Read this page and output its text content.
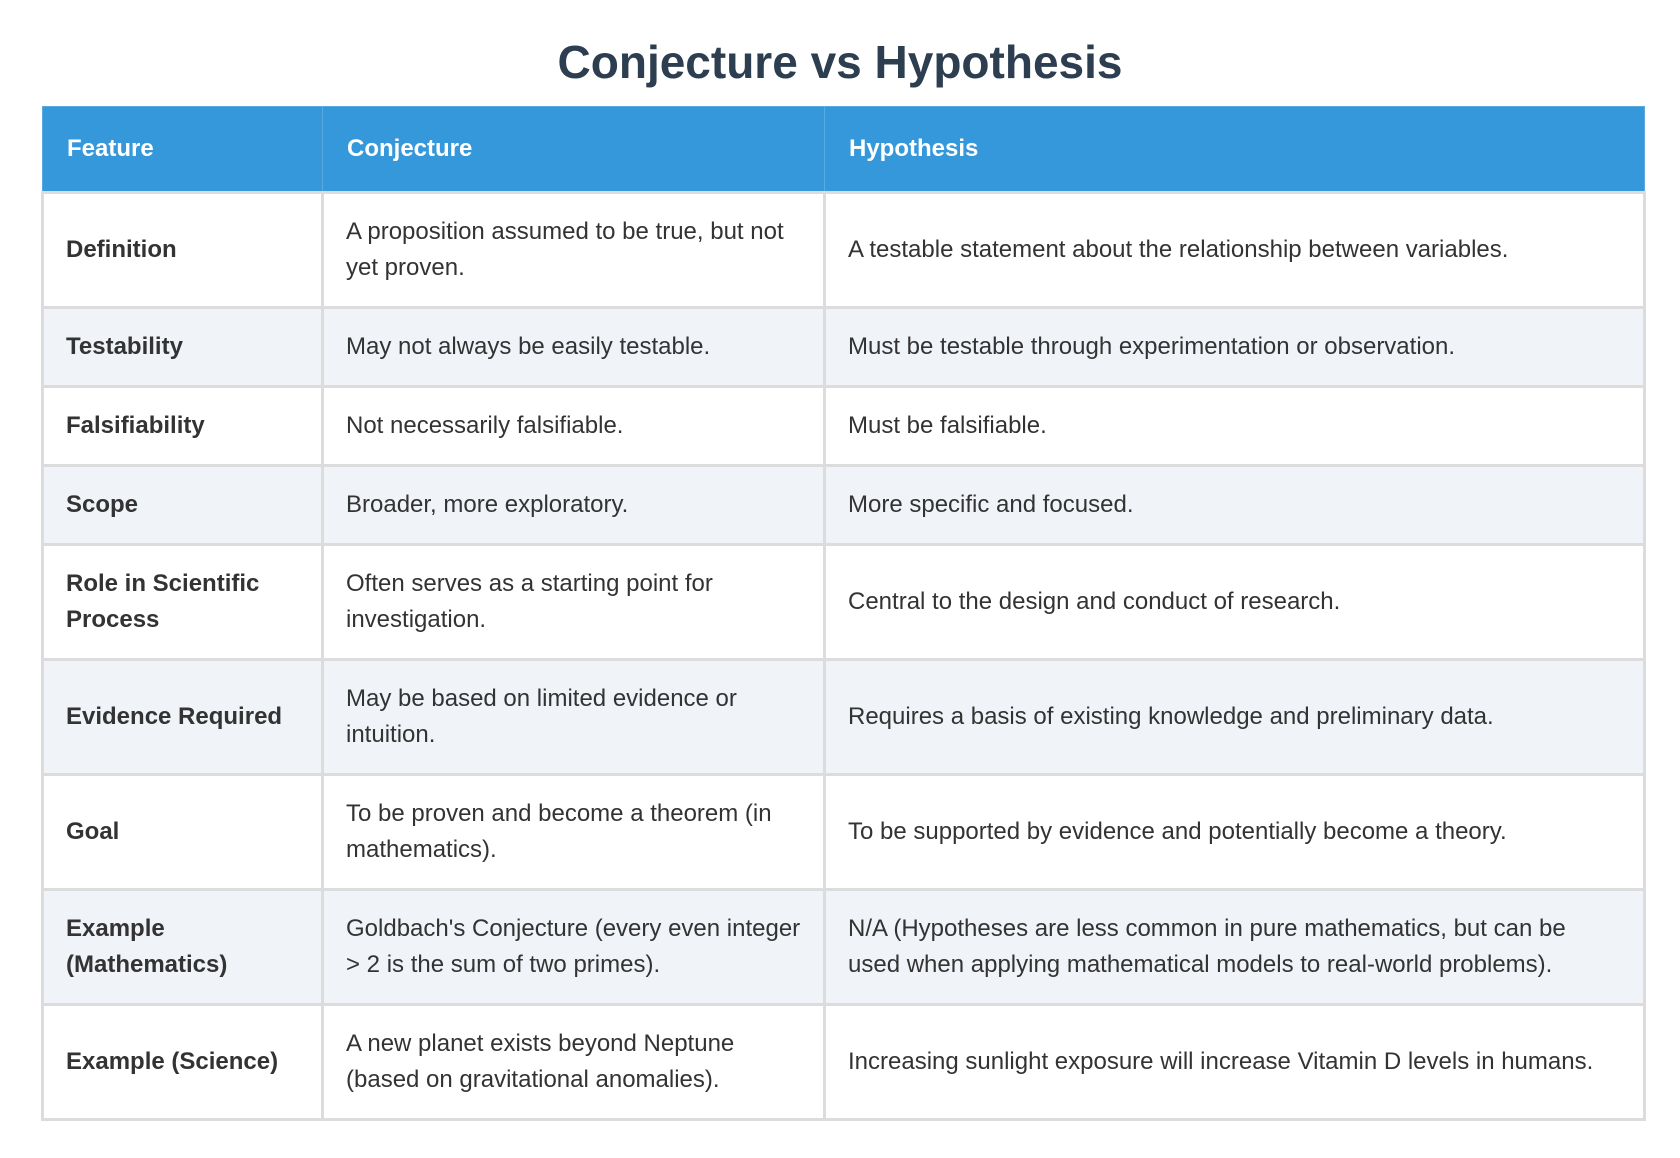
Conjecture vs Hypothesis
Feature	Conjecture	Hypothesis
Definition	A proposition assumed to be true, but not yet proven.	A testable statement about the relationship between variables.
Testability	May not always be easily testable.	Must be testable through experimentation or observation.
Falsifiability	Not necessarily falsifiable.	Must be falsifiable.
Scope	Broader, more exploratory.	More specific and focused.
Role in Scientific Process	Often serves as a starting point for investigation.	Central to the design and conduct of research.
Evidence Required	May be based on limited evidence or intuition.	Requires a basis of existing knowledge and preliminary data.
Goal	To be proven and become a theorem (in mathematics).	To be supported by evidence and potentially become a theory.
Example (Mathematics)	Goldbach's Conjecture (every even integer > 2 is the sum of two primes).	N/A (Hypotheses are less common in pure mathematics, but can be used when applying mathematical models to real-world problems).
Example (Science)	A new planet exists beyond Neptune (based on gravitational anomalies).	Increasing sunlight exposure will increase Vitamin D levels in humans.
